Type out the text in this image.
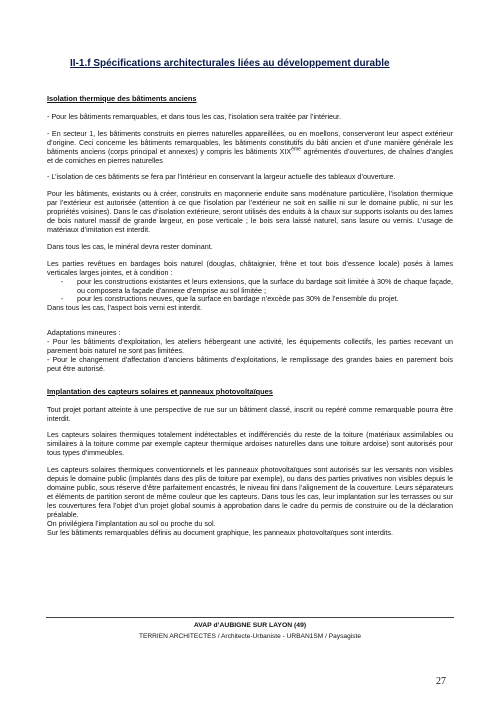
II-1.f Spécifications architecturales liées au développement durable
Isolation thermique des bâtiments anciens

- Pour les bâtiments remarquables, et dans tous les cas, l’isolation sera traitée par l’intérieur.

- En secteur 1, les bâtiments construits en pierres naturelles appareillées, ou en moellons, conserveront leur aspect extérieur d’origine. Ceci concerne les bâtiments remarquables, les bâtiments constitutifs du bâti ancien et d’une manière générale les bâtiments anciens (corps principal et annexes) y compris les bâtiments XIXème agrémentés d’ouvertures, de chaînes d’angles et de corniches en pierres naturelles

- L’isolation de ces bâtiments se fera par l’intérieur en conservant la largeur actuelle des tableaux d’ouverture.

Pour les bâtiments, existants ou à créer, construits en maçonnerie enduite sans modénature particulière, l’isolation thermique par l’extérieur est autorisée (attention à ce que l’isolation par l’extérieur ne soit en saillie ni sur le domaine public, ni sur les propriétés voisines). Dans le cas d’isolation extérieure, seront utilisés des enduits à la chaux sur supports isolants ou des lames de bois naturel massif de grande largeur, en pose verticale ; le bois sera laissé naturel, sans lasure ou vernis. L’usage de matériaux d’imitation est interdit.

Dans tous les cas, le minéral devra rester dominant.

Les parties revêtues en bardages bois naturel (douglas, châtaignier, frêne et tout bois d’essence locale) posés à lames verticales larges jointes, et à condition :

-	pour les constructions existantes et leurs extensions, que la surface du bardage soit limitée à 30% de chaque façade, ou composera la façade d’annexe d’emprise au sol limitée ;
-	pour les constructions neuves, que la surface en bardage n’excède pas 30% de l’ensemble du projet.

Dans tous les cas, l’aspect bois verni est interdit.

Adaptations mineures :
- Pour les bâtiments d’exploitation, les ateliers hébergeant une activité, les équipements collectifs, les parties recevant un parement bois naturel ne sont pas limitées.
- Pour le changement d’affectation d’anciens bâtiments d’exploitations, le remplissage des grandes baies en parement bois peut être autorisé.

Implantation des capteurs solaires et panneaux photovoltaïques

Tout projet portant atteinte à une perspective de rue sur un bâtiment classé, inscrit ou repéré comme remarquable pourra être interdit.

Les capteurs solaires thermiques totalement indétectables et indifférenciés du reste de la toiture (matériaux assimilables ou similaires à la toiture comme par exemple capteur thermique ardoises naturelles dans une toiture ardoise) sont autorisés pour tous types d’immeubles.

Les capteurs solaires thermiques conventionnels et les panneaux photovoltaïques sont autorisés sur les versants non visibles depuis le domaine public (implantés dans des plis de toiture par exemple), ou dans des parties privatives non visibles depuis le domaine public, sous réserve d’être parfaitement encastrés, le niveau fini dans l’alignement de la couverture. Leurs séparateurs et éléments de partition seront de même couleur que les capteurs. Dans tous les cas, leur implantation sur les terrasses ou sur les couvertures fera l’objet d’un projet global soumis à approbation dans le cadre du permis de construire ou de la déclaration préalable.
On privilégiera l’implantation au sol ou proche du sol.
Sur les bâtiments remarquables définis au document graphique, les panneaux photovoltaïques sont interdits.

AVAP d’AUBIGNE SUR LAYON (49)
TERRIEN ARCHITECTES / Architecte-Urbaniste - URBAN1SM / Paysagiste
27
